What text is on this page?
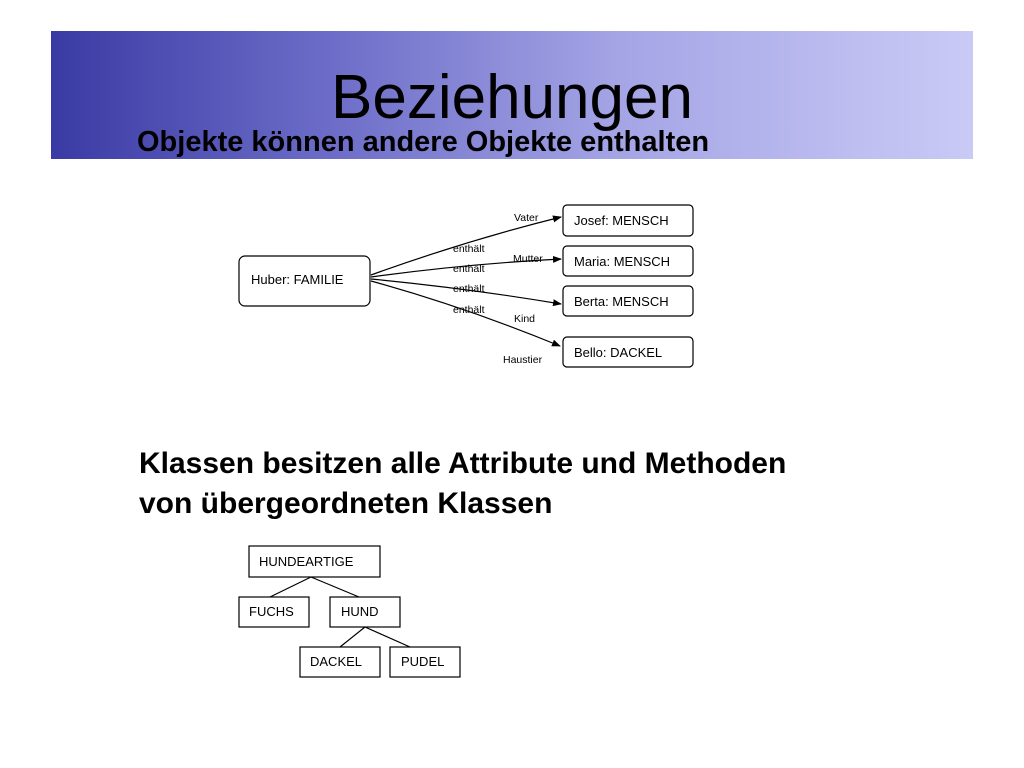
Beziehungen
Objekte können andere Objekte enthalten
Huber: FAMILIE
Josef: MENSCH
Maria: MENSCH
Berta: MENSCH
Bello: DACKEL
enthält
enthält
enthält
enthält
Vater
Mutter
Kind
Haustier
HUNDEARTIGE
FUCHS	HUND
DACKEL	PUDEL
Klassen besitzen alle Attribute und Methoden
von übergeordneten Klassen
